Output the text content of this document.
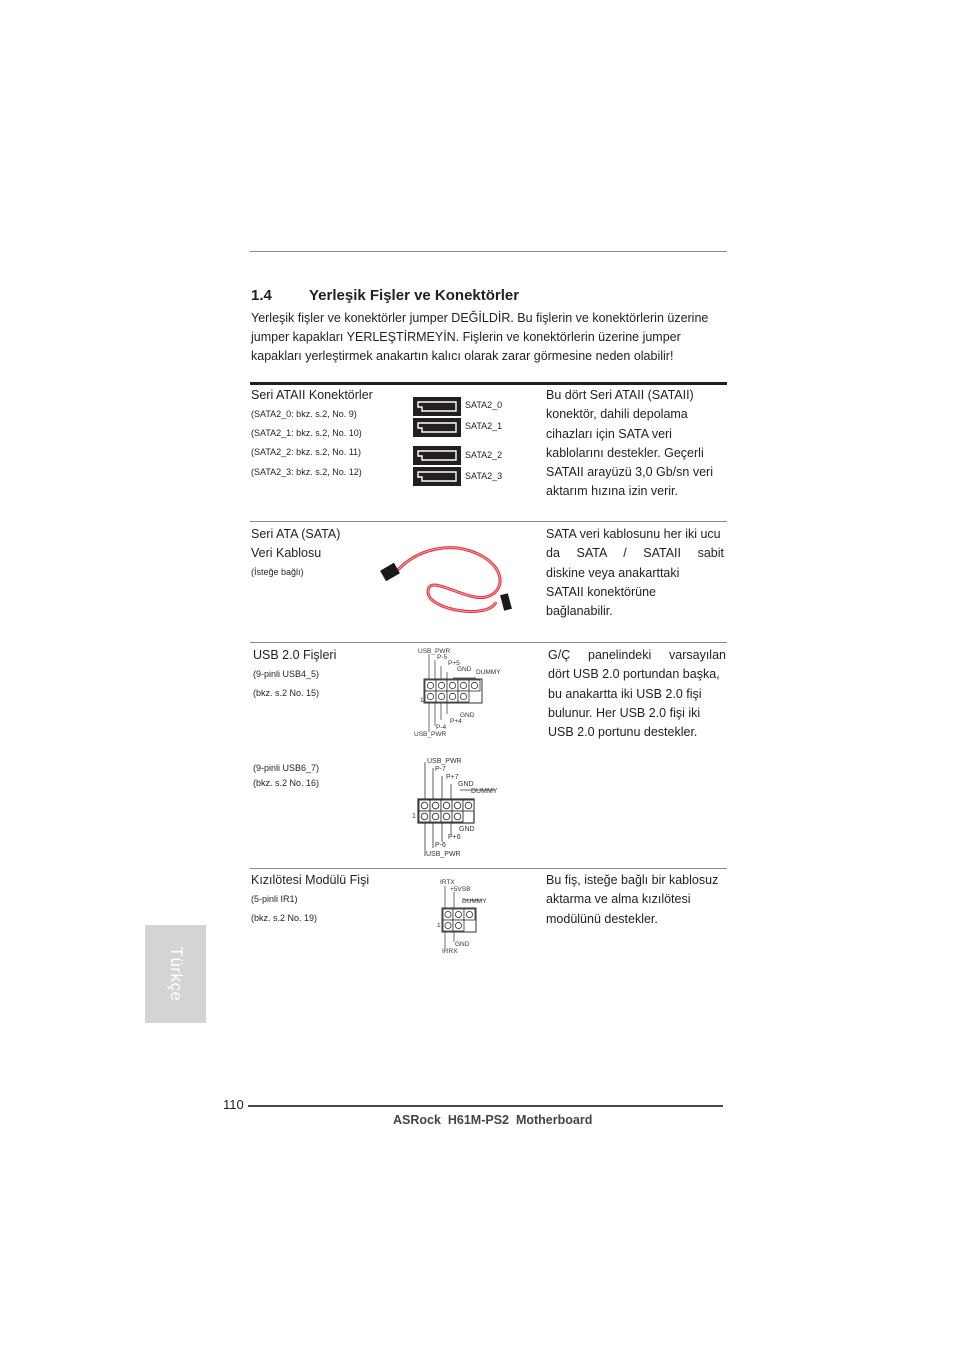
1.4 Yerleşik Fişler ve Konektörler

Yerleşik fişler ve konektörler jumper DEĞİLDİR. Bu fişlerin ve konektörlerin üzerine

jumper kapakları YERLEŞTİRMEYİN. Fişlerin ve konektörlerin üzerine jumper

kapakları yerleştirmek anakartın kalıcı olarak zarar görmesine neden olabilir!

Seri ATAII Konektörler
(SATA2_0: bkz. s.2, No. 9)
(SATA2_1: bkz. s.2, No. 10)
(SATA2_2: bkz. s.2, No. 11)
(SATA2_3: bkz. s.2, No. 12)
SATA2_0
SATA2_1
SATA2_2
SATA2_3

Bu dört Seri ATAII (SATAII)

konektör, dahili depolama

cihazları için SATA veri

kablolarını destekler. Geçerli

SATAII arayüzü 3,0 Gb/sn veri

aktarım hızına izin verir.

Seri ATA (SATA)
Veri Kablosu
(İsteğe bağlı)

SATA veri kablosunu her iki ucu

da SATA / SATAII sabit

diskine veya anakarttaki

SATAII konektörüne

bağlanabilir.

USB 2.0 Fişleri
(9-pinli USB4_5)
(bkz. s.2 No. 15)
USB_PWR
P-5
P+5
GND DUMMY
1
GND
P+4
P-4
USB_PWR

G/Ç panelindeki varsayılan

dört USB 2.0 portundan başka,

bu anakartta iki USB 2.0 fişi

bulunur. Her USB 2.0 fişi iki

USB 2.0 portunu destekler.

(9-pinli USB6_7)
(bkz. s.2 No. 16)
USB_PWR
P-7
P+7
GND
DUMMY
1
GND
P+6
P-6
USB_PWR
Kızılötesi Modülü Fişi
(5-pinli IR1)
(bkz. s.2 No. 19)
IRTX
+5VSB
DUMMY
1
GND
IRRX

Bu fiş, isteğe bağlı bir kablosuz

aktarma ve alma kızılötesi

modülünü destekler.

Türkçe
110
ASRock  H61M-PS2  Motherboard
